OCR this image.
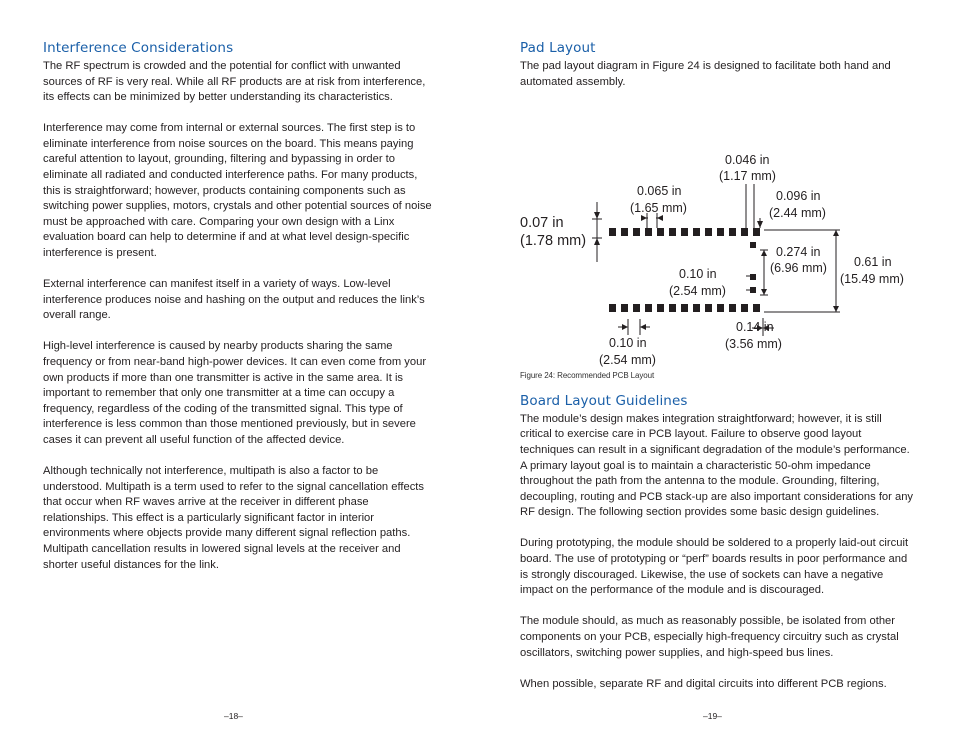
Interference Considerations

The RF spectrum is crowded and the potential for conflict with unwanted sources of RF is very real. While all RF products are at risk from interference, its effects can be minimized by better understanding its characteristics.

Interference may come from internal or external sources. The first step is to eliminate interference from noise sources on the board. This means paying careful attention to layout, grounding, filtering and bypassing in order to eliminate all radiated and conducted interference paths. For many products, this is straightforward; however, products containing components such as switching power supplies, motors, crystals and other potential sources of noise must be approached with care. Comparing your own design with a Linx evaluation board can help to determine if and at what level design-specific interference is present.

External interference can manifest itself in a variety of ways. Low-level interference produces noise and hashing on the output and reduces the link’s overall range.

High-level interference is caused by nearby products sharing the same frequency or from near-band high-power devices. It can even come from your own products if more than one transmitter is active in the same area. It is important to remember that only one transmitter at a time can occupy a frequency, regardless of the coding of the transmitted signal. This type of interference is less common than those mentioned previously, but in severe cases it can prevent all useful function of the affected device.

Although technically not interference, multipath is also a factor to be understood. Multipath is a term used to refer to the signal cancellation effects that occur when RF waves arrive at the receiver in different phase relationships. This effect is a particularly significant factor in interior environments where objects provide many different signal reflection paths. Multipath cancellation results in lowered signal levels at the receiver and shorter useful distances for the link.

–18–
Pad Layout

The pad layout diagram in Figure 24 is designed to facilitate both hand and automated assembly.

0.07 in
(1.78 mm)
0.065 in
(1.65 mm)
0.046 in
(1.17 mm)
0.096 in
(2.44 mm)
0.274 in
(6.96 mm) 0.61 in
(15.49 mm)
0.10 in
(2.54 mm)
0.14 in
(3.56 mm)
0.10 in
(2.54 mm)

Figure 24: Recommended PCB Layout

Board Layout Guidelines

The module’s design makes integration straightforward; however, it is still critical to exercise care in PCB layout. Failure to observe good layout techniques can result in a significant degradation of the module’s performance. A primary layout goal is to maintain a characteristic 50-ohm impedance throughout the path from the antenna to the module. Grounding, filtering, decoupling, routing and PCB stack-up are also important considerations for any RF design. The following section provides some basic design guidelines.

During prototyping, the module should be soldered to a properly laid-out circuit board. The use of prototyping or “perf” boards results in poor performance and is strongly discouraged. Likewise, the use of sockets can have a negative impact on the performance of the module and is discouraged.

The module should, as much as reasonably possible, be isolated from other components on your PCB, especially high-frequency circuitry such as crystal oscillators, switching power supplies, and high-speed bus lines.

When possible, separate RF and digital circuits into different PCB regions.

–19–
